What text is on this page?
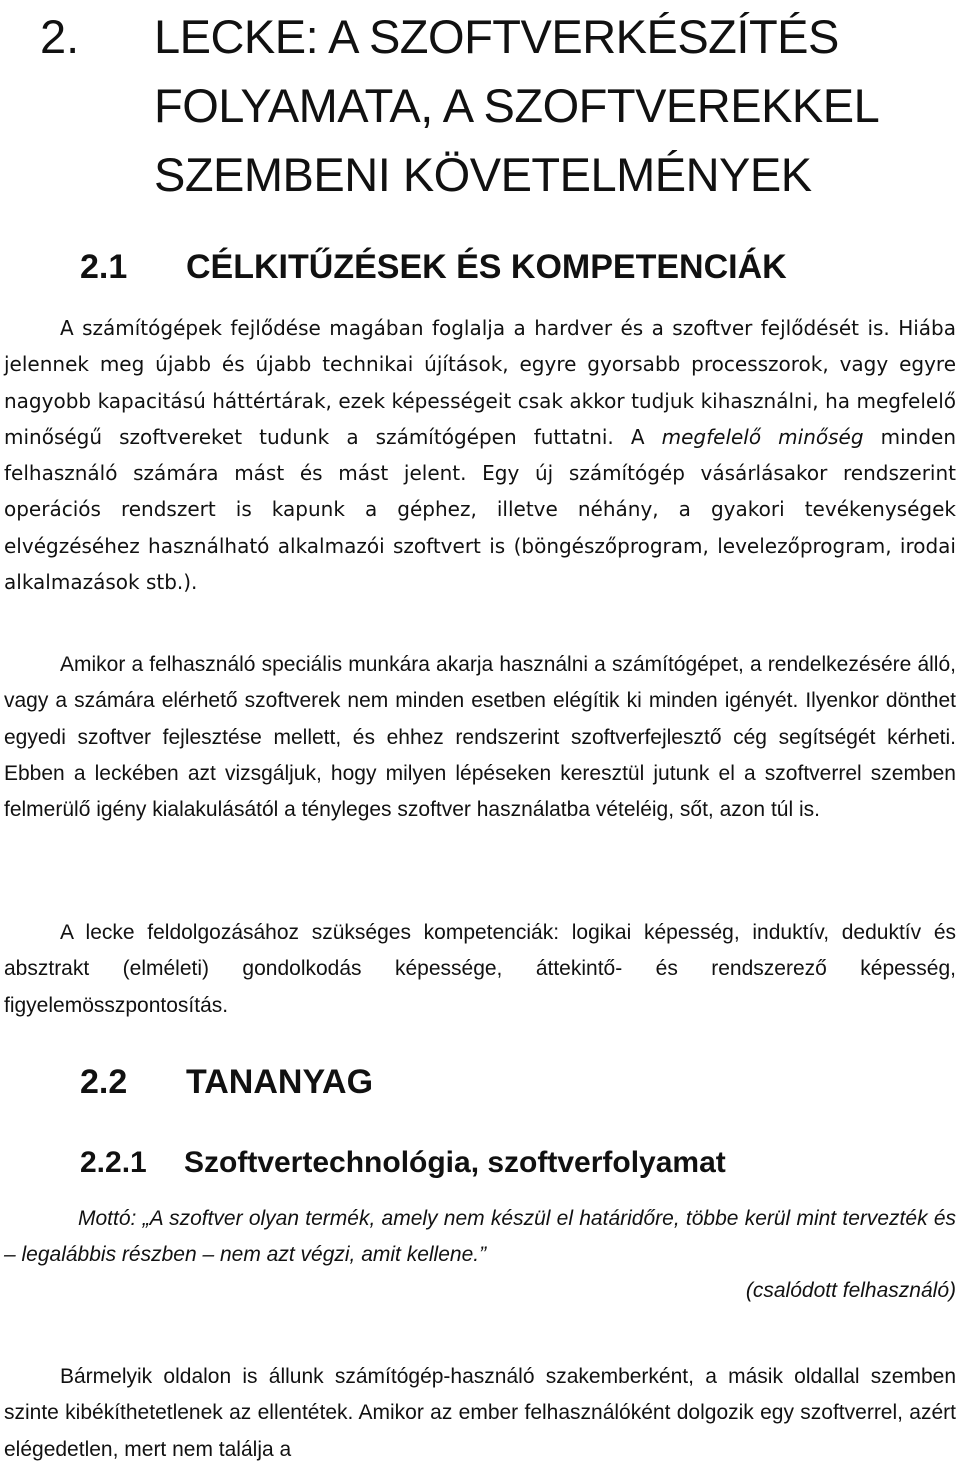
2.	LECKE: A SZOFTVERKÉSZÍTÉS FOLYAMATA, A SZOFTVEREKKEL SZEMBENI KÖVETELMÉNYEK
2.1	CÉLKITŰZÉSEK ÉS KOMPETENCIÁK

A számítógépek fejlődése magában foglalja a hardver és a szoftver fejlődését is. Hiába jelennek meg újabb és újabb technikai újítások, egyre gyorsabb processzorok, vagy egyre nagyobb kapacitású háttértárak, ezek képességeit csak akkor tudjuk kihasználni, ha megfelelő minőségű szoftvereket tudunk a számítógépen futtatni. A megfelelő minőség minden felhasználó számára mást és mást jelent. Egy új számítógép vásárlásakor rendszerint operációs rendszert is kapunk a géphez, illetve néhány, a gyakori tevékenységek elvégzéséhez használható alkalmazói szoftvert is (böngészőprogram, levelezőprogram, irodai alkalmazások stb.).

Amikor a felhasználó speciális munkára akarja használni a számítógépet, a rendelkezésére álló, vagy a számára elérhető szoftverek nem minden esetben elégítik ki minden igényét. Ilyenkor dönthet egyedi szoftver fejlesztése mellett, és ehhez rendszerint szoftverfejlesztő cég segítségét kérheti. Ebben a leckében azt vizsgáljuk, hogy milyen lépéseken keresztül jutunk el a szoftverrel szemben felmerülő igény kialakulásától a tényleges szoftver használatba vételéig, sőt, azon túl is.

A lecke feldolgozásához szükséges kompetenciák: logikai képesség, induktív, deduktív és absztrakt (elméleti) gondolkodás képessége, áttekintő- és rendszerező képesség, figyelemösszpontosítás.

2.2	TANANYAG
2.2.1	Szoftvertechnológia, szoftverfolyamat

Mottó: „A szoftver olyan termék, amely nem készül el határidőre, többe kerül mint tervezték és – legalábbis részben – nem azt végzi, amit kellene.”

(csalódott felhasználó)

Bármelyik oldalon is állunk számítógép-használó szakemberként, a másik oldallal szemben szinte kibékíthetetlenek az ellentétek. Amikor az ember felhasználóként dolgozik egy szoftverrel, azért elégedetlen, mert nem találja a
